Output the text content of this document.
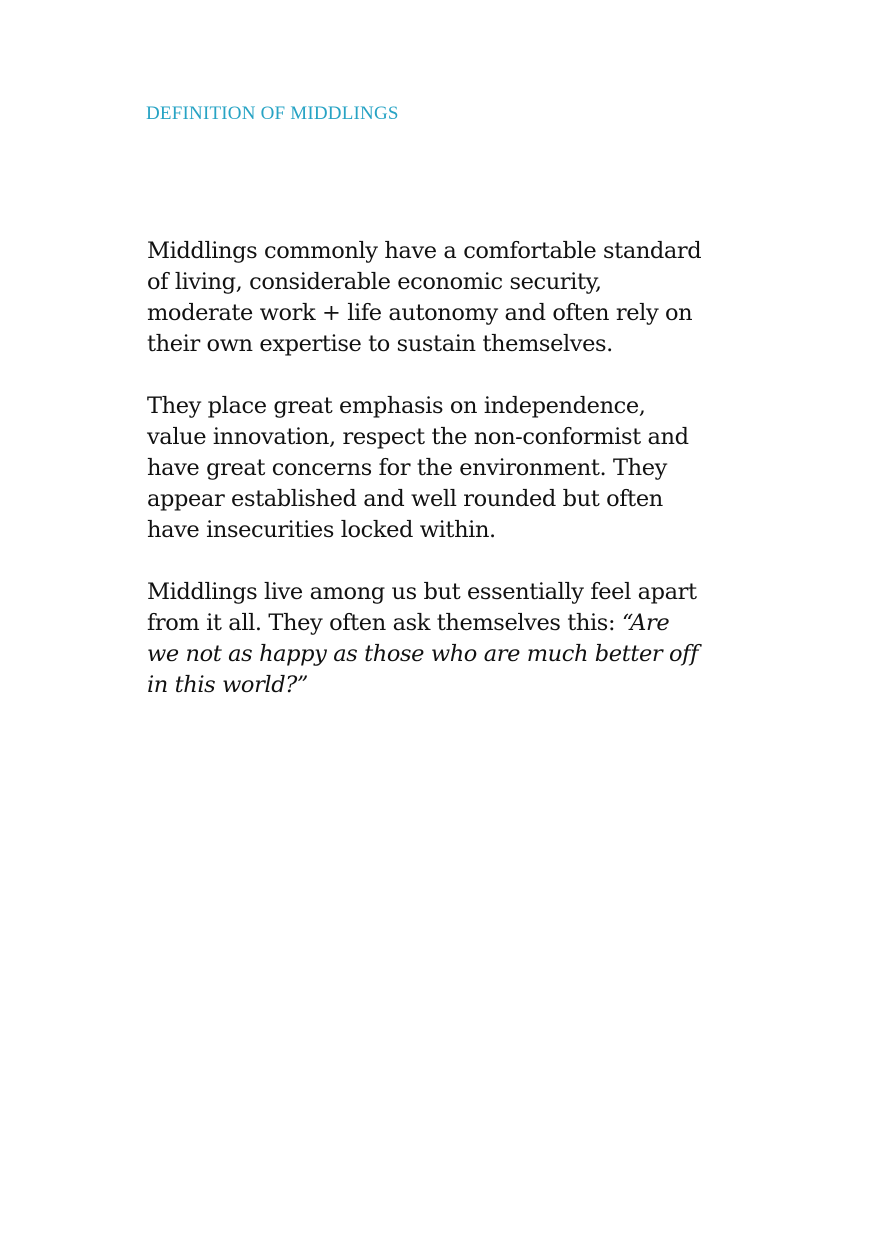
DEFINITION OF MIDDLINGS

Middlings commonly have a comfortable standard
of living, considerable economic security,
moderate work + life autonomy and often rely on
their own expertise to sustain themselves.

They place great emphasis on independence,
value innovation, respect the non-conformist and
have great concerns for the environment. They
appear established and well rounded but often
have insecurities locked within.

Middlings live among us but essentially feel apart
from it all. They often ask themselves this: “Are
we not as happy as those who are much better off
in this world?”
